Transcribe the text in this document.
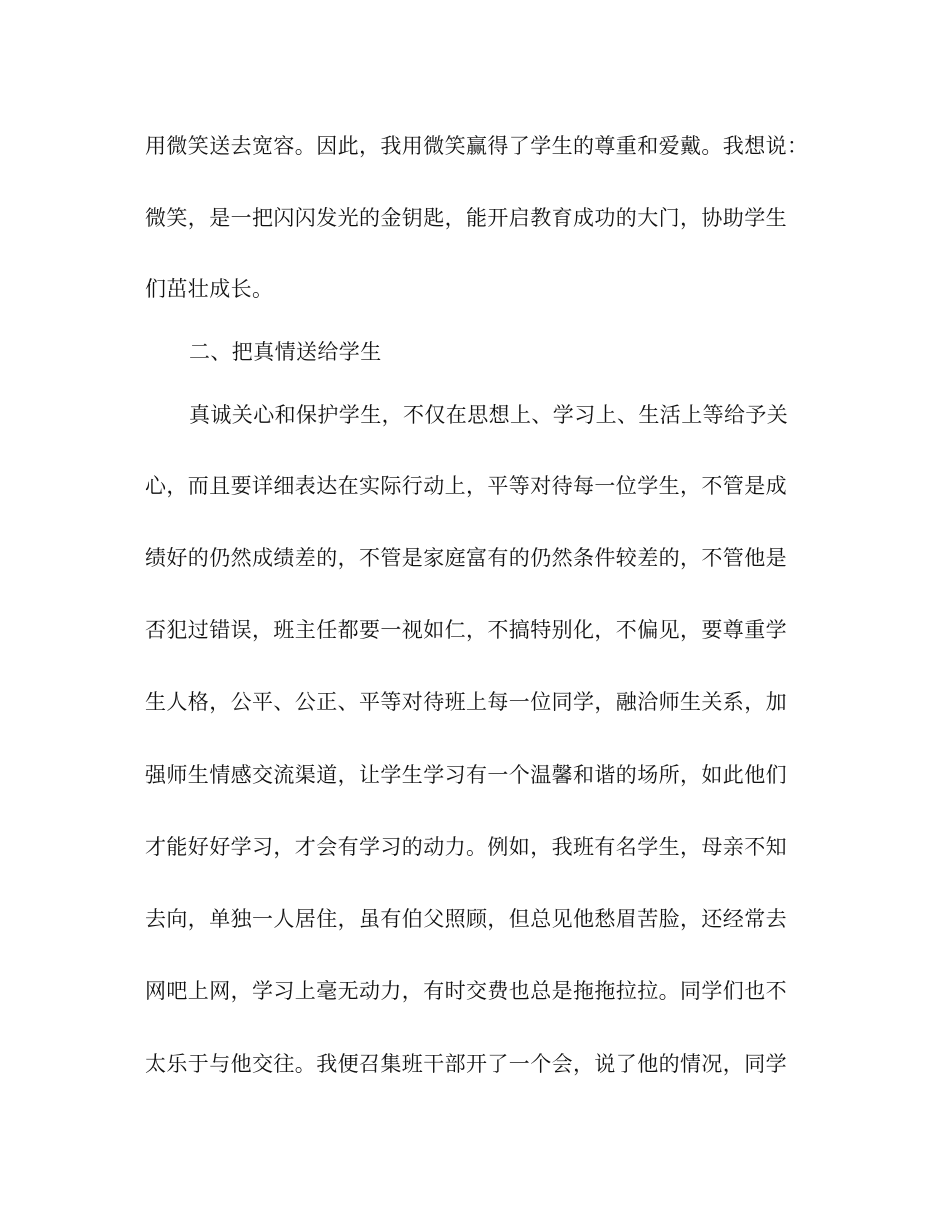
用微笑送去宽容。因此，我用微笑赢得了学生的尊重和爱戴。我想说：
微笑，是一把闪闪发光的金钥匙，能开启教育成功的大门，协助学生
们茁壮成长。
二、把真情送给学生
真诚关心和保护学生，不仅在思想上、学习上、生活上等给予关
心，而且要详细表达在实际行动上，平等对待每一位学生，不管是成
绩好的仍然成绩差的，不管是家庭富有的仍然条件较差的，不管他是
否犯过错误，班主任都要一视如仁，不搞特别化，不偏见，要尊重学
生人格，公平、公正、平等对待班上每一位同学，融洽师生关系，加
强师生情感交流渠道，让学生学习有一个温馨和谐的场所，如此他们
才能好好学习，才会有学习的动力。例如，我班有名学生，母亲不知
去向，单独一人居住，虽有伯父照顾，但总见他愁眉苦脸，还经常去
网吧上网，学习上毫无动力，有时交费也总是拖拖拉拉。同学们也不
太乐于与他交往。我便召集班干部开了一个会，说了他的情况，同学
